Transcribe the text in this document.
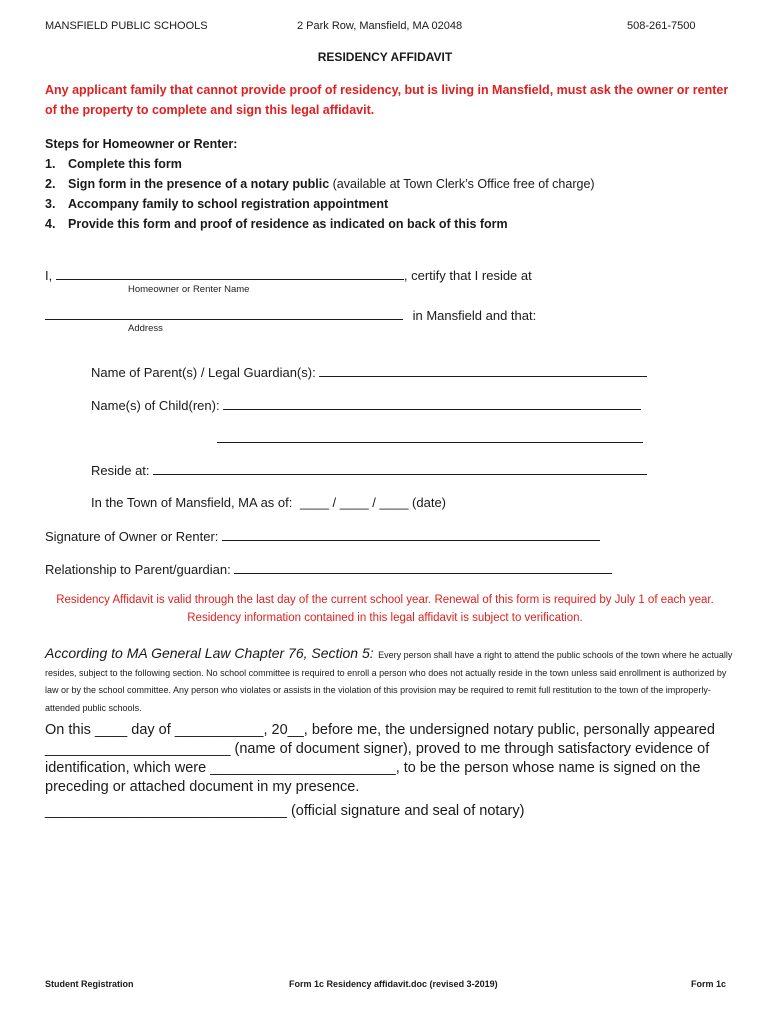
MANSFIELD PUBLIC SCHOOLS	2 Park Row, Mansfield, MA 02048	508-261-7500
RESIDENCY AFFIDAVIT
Any applicant family that cannot provide proof of residency, but is living in Mansfield, must ask the owner or renter of the property to complete and sign this legal affidavit.
Steps for Homeowner or Renter:
1.	Complete this form
2.	Sign form in the presence of a notary public (available at Town Clerk’s Office free of charge)
3.	Accompany family to school registration appointment
4.	Provide this form and proof of residence as indicated on back of this form
I,	, certify that I reside at
Homeowner or Renter Name
in Mansfield and that:
Address
Name of Parent(s) / Legal Guardian(s):
Name(s) of Child(ren):
Reside at:
In the Town of Mansfield, MA as of: ____ / ____ / ____ (date)
Signature of Owner or Renter:
Relationship to Parent/guardian:
Residency Affidavit is valid through the last day of the current school year. Renewal of this form is required by July 1 of each year.
Residency information contained in this legal affidavit is subject to verification.
According to MA General Law Chapter 76, Section 5: Every person shall have a right to attend the public schools of the town where he actually resides, subject to the following section. No school committee is required to enroll a person who does not actually reside in the town unless said enrollment is authorized by law or by the school committee. Any person who violates or assists in the violation of this provision may be required to remit full restitution to the town of the improperly-attended public schools.
On this ____ day of ___________, 20__, before me, the undersigned notary public, personally appeared
_______________________ (name of document signer), proved to me through satisfactory evidence of
identification, which were _______________________, to be the person whose name is signed on the
preceding or attached document in my presence.
______________________________ (official signature and seal of notary)
Student Registration	Form 1c Residency affidavit.doc (revised 3-2019)	Form 1c
